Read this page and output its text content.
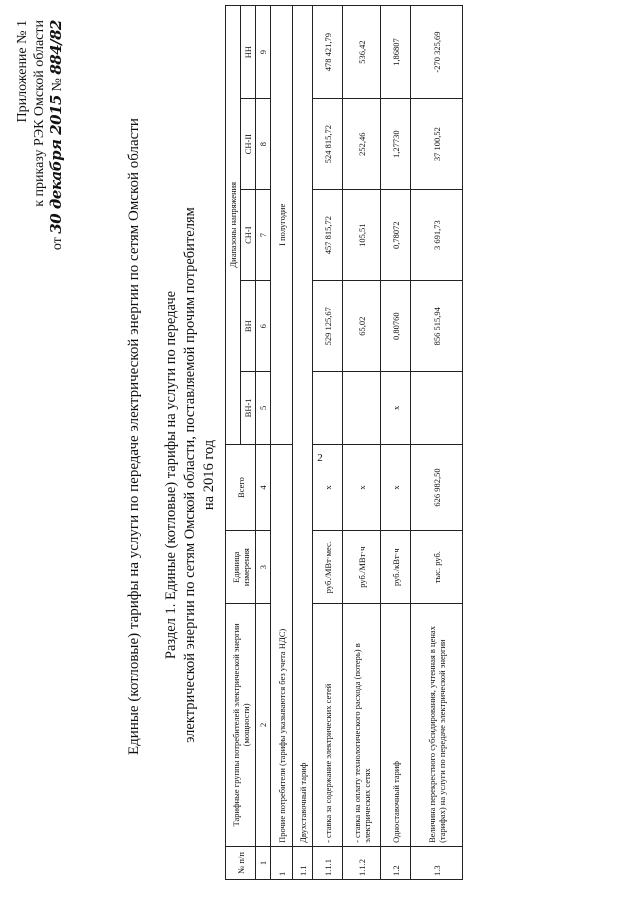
2
Приложение № 1 к приказу РЭК Омской области
от 30 декабря 2015 № 884/82
Единые (котловые) тарифы на услуги по передаче электрической энергии по сетям Омской области Раздел 1. Единые (котловые) тарифы на услуги по передаче электрической энергии по сетям Омской области, поставляемой прочим потребителям на 2016 год
№ п/п	Тарифные группы потребителей электрической энергии (мощности)	Единица измерения	Всего	Диапазоны напряжения				
				ВН-1	ВН	СН-I	СН-II	НН
1	2	3	4	5	6	7	8	9
1	Прочие потребители (тарифы указываются без учета НДС)			I полугодие				
1.1	Двухставочный тариф							
1.1.1	- ставка за содержание электрических сетей	руб./МВт·мес.	x		529 125,67	457 815,72	524 815,72	478 421,79
1.1.2	- ставка на оплату технологического расхода (потерь) в электрических сетях	руб./МВт·ч	x		65,02	105,51	252,46	536,42
1.2	Одноставочный тариф	руб./кВт·ч	x	x	0,80760	0,78072	1,27730	1,86807
1.3	Величина перекрестного субсидирования, учтенная в ценах (тарифах) на услуги по передаче электрической энергии	тыс. руб.	626 982,50		856 515,94	3 691,73	37 100,52	-270 325,69
